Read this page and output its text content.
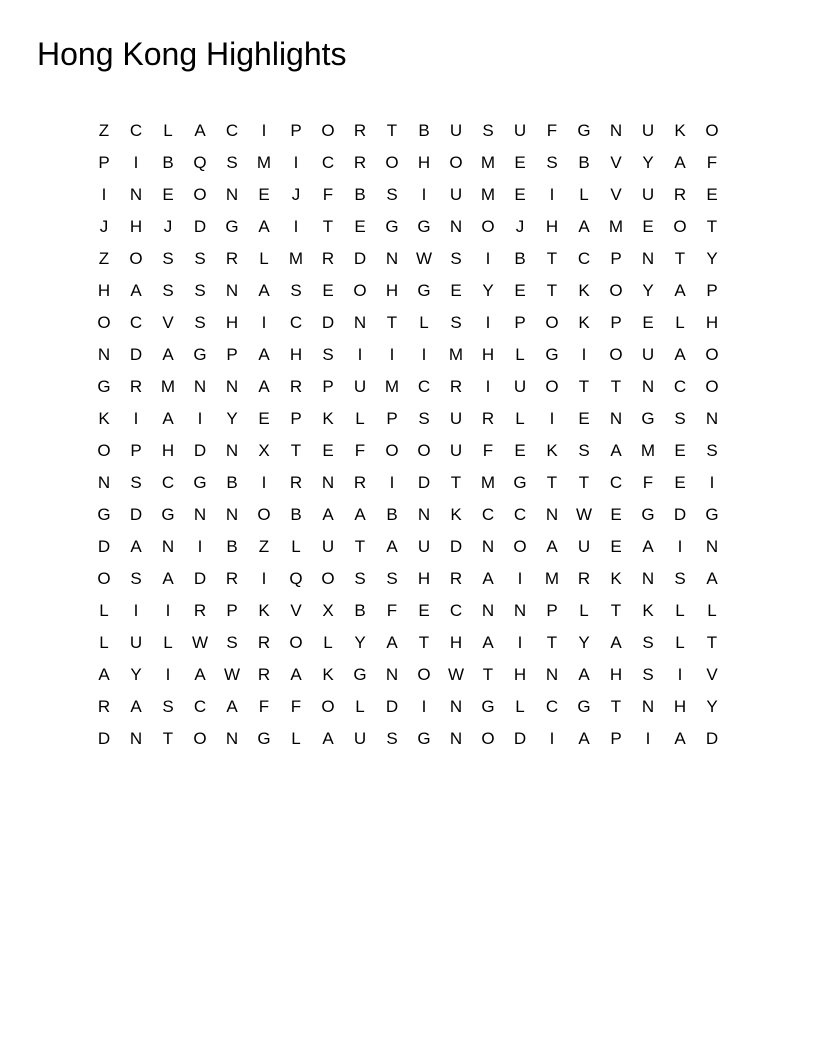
Hong Kong Highlights
Z	C	L	A	C	I	P	O	R	T	B	U	S	U	F	G	N	U	K	O
P	I	B	Q	S	M	I	C	R	O	H	O	M	E	S	B	V	Y	A	F
I	N	E	O	N	E	J	F	B	S	I	U	M	E	I	L	V	U	R	E
J	H	J	D	G	A	I	T	E	G	G	N	O	J	H	A	M	E	O	T
Z	O	S	S	R	L	M	R	D	N	W	S	I	B	T	C	P	N	T	Y
H	A	S	S	N	A	S	E	O	H	G	E	Y	E	T	K	O	Y	A	P
O	C	V	S	H	I	C	D	N	T	L	S	I	P	O	K	P	E	L	H
N	D	A	G	P	A	H	S	I	I	I	M	H	L	G	I	O	U	A	O
G	R	M	N	N	A	R	P	U	M	C	R	I	U	O	T	T	N	C	O
K	I	A	I	Y	E	P	K	L	P	S	U	R	L	I	E	N	G	S	N
O	P	H	D	N	X	T	E	F	O	O	U	F	E	K	S	A	M	E	S
N	S	C	G	B	I	R	N	R	I	D	T	M	G	T	T	C	F	E	I
G	D	G	N	N	O	B	A	A	B	N	K	C	C	N	W	E	G	D	G
D	A	N	I	B	Z	L	U	T	A	U	D	N	O	A	U	E	A	I	N
O	S	A	D	R	I	Q	O	S	S	H	R	A	I	M	R	K	N	S	A
L	I	I	R	P	K	V	X	B	F	E	C	N	N	P	L	T	K	L	L
L	U	L	W	S	R	O	L	Y	A	T	H	A	I	T	Y	A	S	L	T
A	Y	I	A	W	R	A	K	G	N	O	W	T	H	N	A	H	S	I	V
R	A	S	C	A	F	F	O	L	D	I	N	G	L	C	G	T	N	H	Y
D	N	T	O	N	G	L	A	U	S	G	N	O	D	I	A	P	I	A	D
